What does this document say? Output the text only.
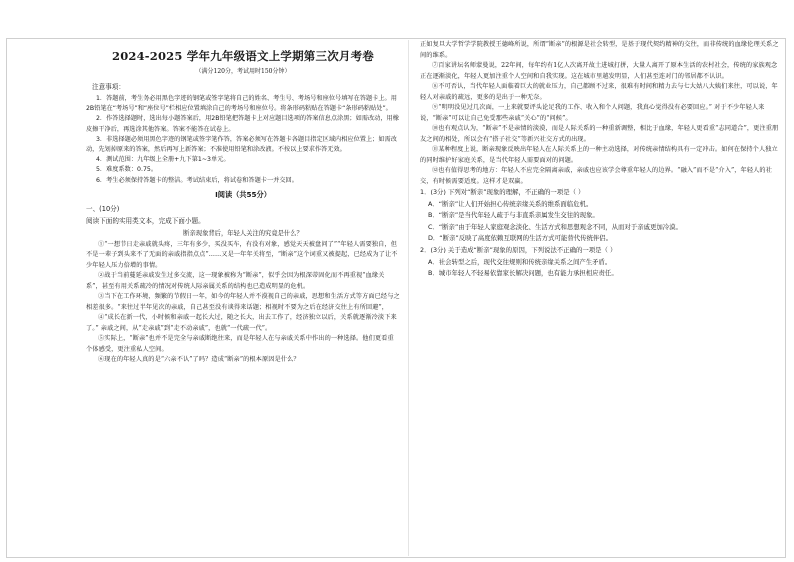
2024-2025 学年九年级语文上学期第三次月考卷
（满分120分，考试用时150分钟）
注意事项：

1．答题前，考生务必用黑色字迹的钢笔或签字笔将自己的姓名、考生号、考场号和座位号填写在答题卡上。用2B铅笔在“考场号”和“座位号”栏相应位置填涂自己的考场号和座位号。将条形码粘贴在答题卡“条形码粘贴处”。

2．作答选择题时，选出每小题答案后，用2B铅笔把答题卡上对应题目选项的答案信息点涂黑；如需改动，用橡皮擦干净后，再选涂其他答案。答案不能答在试卷上。

3．非选择题必须用黑色字迹的钢笔或签字笔作答，答案必须写在答题卡各题目指定区域内相应位置上；如需改动，先划掉原来的答案，然后再写上新答案；不准使用铅笔和涂改液。不按以上要求作答无效。

4．测试范围：九年级上全册+九下第1~3单元。

5．难度系数：0.75。

6．考生必须保持答题卡的整洁。考试结束后，将试卷和答题卡一并交回。

Ⅰ阅读（共55分）
一、(10分)
阅读下面的实用类文本，完成下面小题。
断亲现象背后，年轻人关注的究竟是什么？

①“一想节日走亲戚就头疼，三年有多少，买没买车，有没有对象，感觉天天被盘问了”“年轻人需要独自，但不是一辈子到头来不了无面的亲戚指指点点”……又是一年年关将至，“断亲”这个词重又被提起，已经成为了让不少年轻人压力倍增的事情。

②战于当前蔓延亲戚发生过多交流，这一现象被称为“断亲”，似乎会因为根深蒂固化而不再重视“血缘关系”，甚至有用关系疏冷的情况对传统人际亲属关系的结构也已造成明显的危机。

③当下在工作环境，频繁的节假日一年，如今的年轻人并不漠视自己的亲戚，思想和生活方式等方面已经与之相差很多。“来往过半年见次的亲戚，自己甚至没有谈得来话题；相视时不要为之后在经济交往上有所回避”，

④“成长在新一代，小时候和亲戚一起长大过，随之长大，出去工作了，经济独立以后，关系就逐渐冷淡下来了。” 亲戚之间，从“走亲戚”到“走不动亲戚”，也就“一代疏一代”。

⑤实际上，“断亲”也并不是完全与亲戚断绝往来，而是年轻人在与亲戚关系中作出的一种选择。他们更看重个体感受，更注重私人空间。

⑥现在的年轻人真的是“六亲不认”了吗？造成“断亲”的根本原因是什么？

正如复旦大学哲学学院教授王德峰所说，所谓“断亲”的根源是社会转型，是基于现代契约精神的交往，而非传统的血缘伦理关系之间的维系。

⑦百家讲坛名师蒙曼说，22年间，每年约有1亿人次离开故土进城打拼，大量人离开了原本生活的农村社会，传统的家族观念正在逐渐淡化，年轻人更加注重个人空间和自我实现。这在城市里越发明显，人们甚至连对门的邻居都不认识。

⑧不可否认，当代年轻人面临着巨大的就业压力，自己都顾不过来，很难有时间和精力去与七大姑八大姨们来往，可以说，年轻人对亲戚的疏远，更多的是出于一种无奈。

⑨“明明没见过几次面，一上来就要评头论足我的工作、收入和个人问题，我真心觉得没有必要回应。” 对于不少年轻人来说，“断亲”可以让自己免受那些亲戚“关心”的“问候”。

⑩也有观点认为，“断亲”不是亲情的淡漠，而是人际关系的一种重新调整，相比于血缘，年轻人更看重“志同道合”，更注重朋友之间的相处，所以会有“搭子社交”等新兴社交方式的出现。

⑪某种程度上说，断亲现象反映出年轻人在人际关系上的一种主动选择，对传统亲情结构具有一定冲击。如何在保持个人独立的同时维护好家庭关系，是当代年轻人需要面对的问题。

⑫也有值得思考的地方：年轻人不应完全隔离亲戚，亲戚也应该学会尊重年轻人的边界。“融入”而不是“介入”，年轻人的社交，有时候需要适度。这样才是双赢。

1．(3分) 下列对“断亲”现象的理解，不正确的一项是（ ）

A．“断亲”让人们开始担心传统亲缘关系的维系面临危机。

B．“断亲”是当代年轻人疏于与非直系亲属发生交往的现象。

C．“断亲”由于年轻人家庭观念淡化、生活方式和思想观念不同，从而对于亲戚更加冷漠。

D．“断亲”反映了高度依赖互联网的生活方式可能替代传统伴侣。

2．(3分) 关于造成“断亲”现象的原因，下列说法不正确的一项是（ ）

A．社会转型之后，现代交往规则和传统亲缘关系之间产生矛盾。

B．城市年轻人不轻易依靠家长解决问题，也有能力承担相应责任。
